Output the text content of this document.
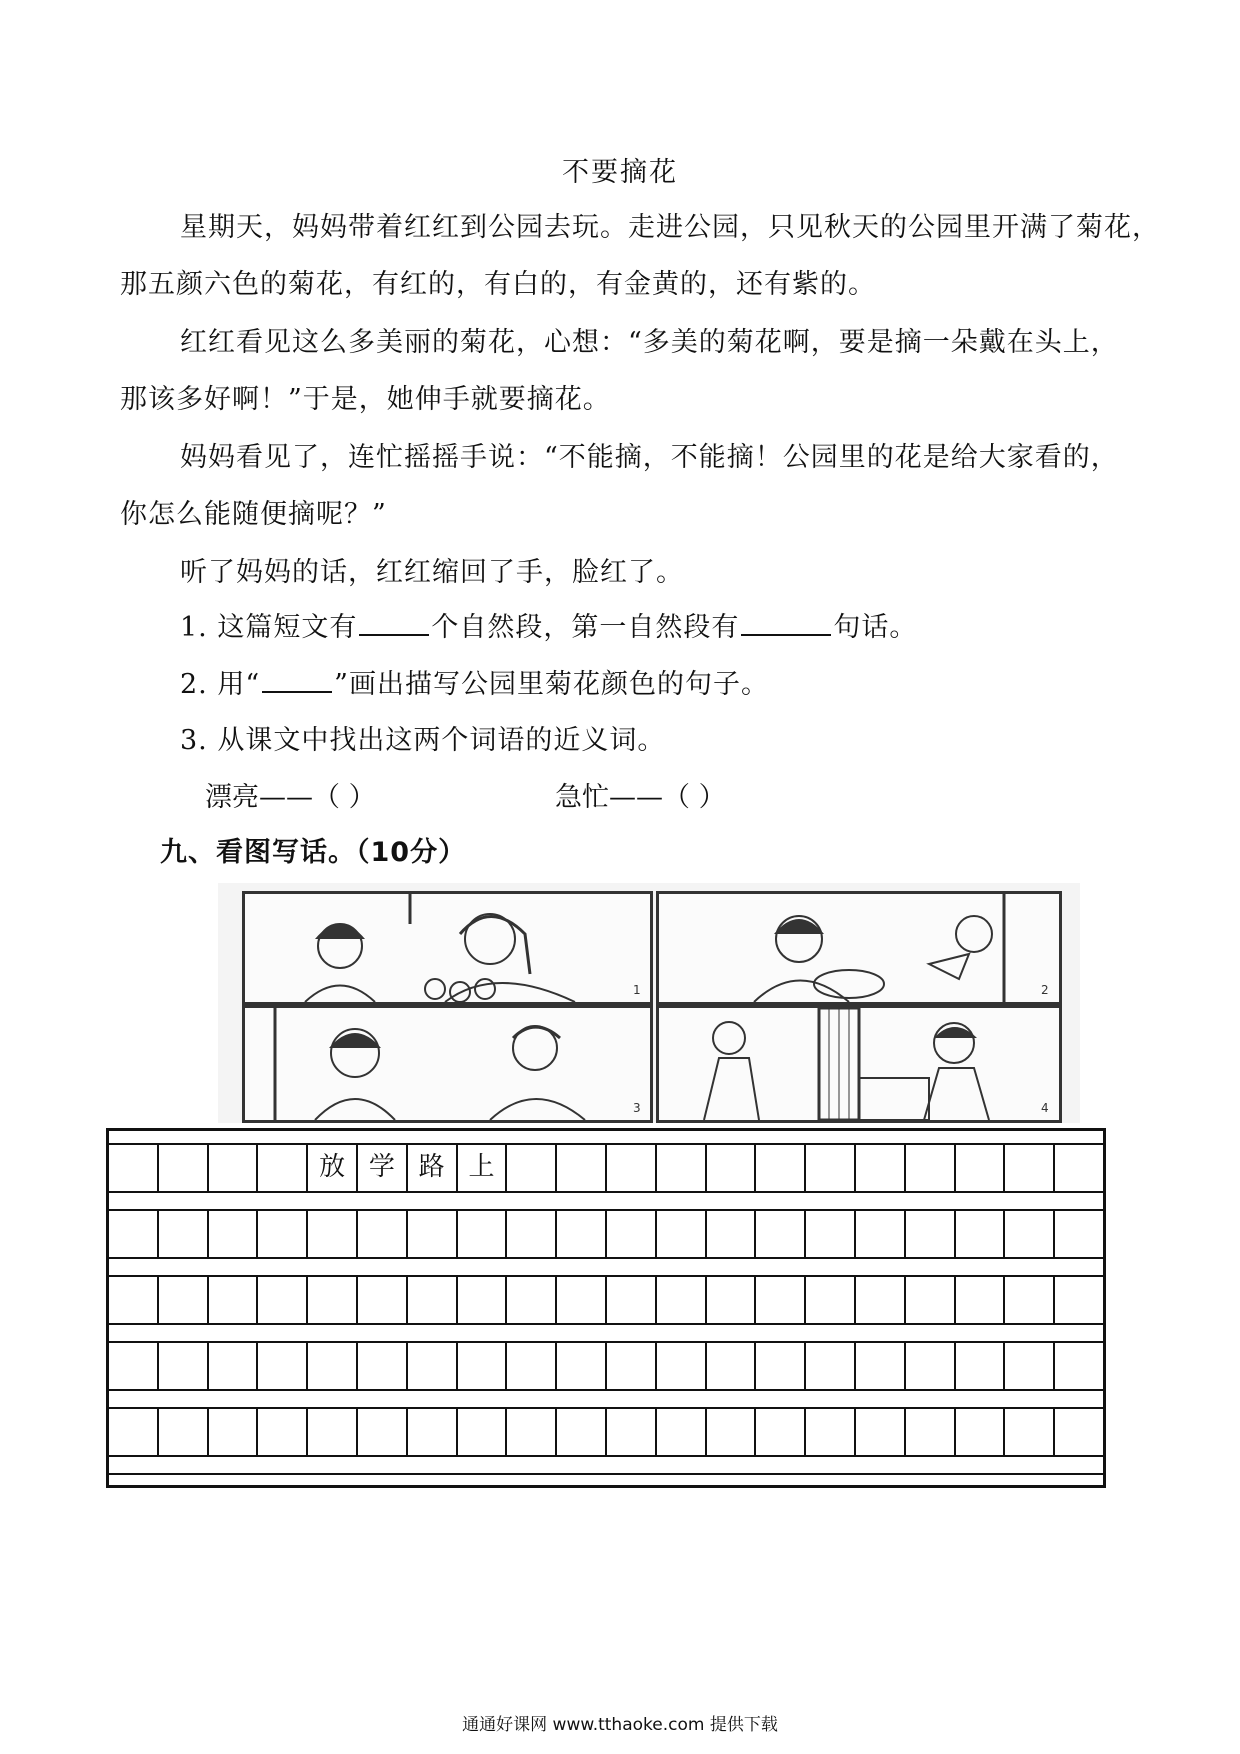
不要摘花
星期天，妈妈带着红红到公园去玩。走进公园，只见秋天的公园里开满了菊花，
那五颜六色的菊花，有红的，有白的，有金黄的，还有紫的。
红红看见这么多美丽的菊花，心想：“多美的菊花啊，要是摘一朵戴在头上，
那该多好啊！”于是，她伸手就要摘花。
妈妈看见了，连忙摇摇手说：“不能摘，不能摘！公园里的花是给大家看的，
你怎么能随便摘呢？”
听了妈妈的话，红红缩回了手，脸红了。
1. 这篇短文有	个自然段，第一自然段有	句话。
2. 用“	”画出描写公园里菊花颜色的句子。
3. 从课文中找出这两个词语的近义词。
漂亮——（ ）	急忙——（ ）
九、看图写话。（10分）
1	2
3	4
放 学 路 上
通通好课网 www.tthaoke.com 提供下载
